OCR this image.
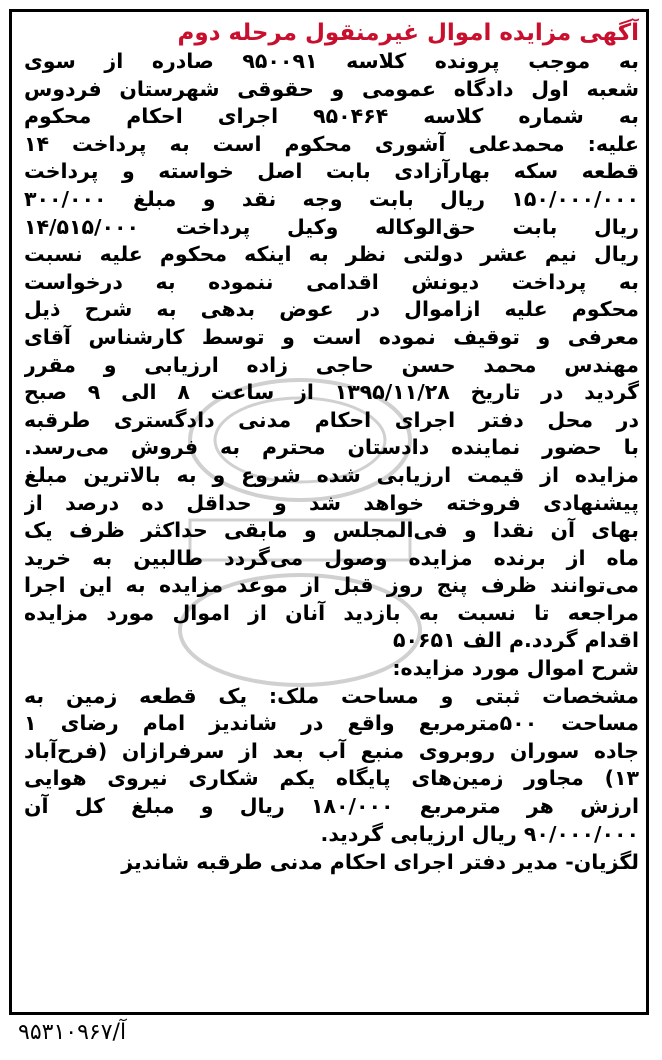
آگهی مزایده اموال غیرمنقول مرحله دوم

به موجب پرونده کلاسه ۹۵۰۰۹۱ صادره از سوی
شعبه اول دادگاه عمومی و حقوقی شهرستان فردوس
به شماره کلاسه ۹۵۰۴۶۴ اجرای احکام محکوم
علیه: محمدعلی آشوری محکوم است به پرداخت ۱۴
قطعه سکه بهارآزادی بابت اصل خواسته و پرداخت
۱۵۰/۰۰۰/۰۰۰ ریال بابت وجه نقد و مبلغ ۳۰۰/۰۰۰
ریال بابت حق‌الوکاله وکیل پرداخت ۱۴/۵۱۵/۰۰۰
ریال نیم عشر دولتی نظر به اینکه محکوم علیه نسبت
به پرداخت دیونش اقدامی ننموده به درخواست
محکوم علیه ازاموال در عوض بدهی به شرح ذیل
معرفی و توقیف نموده است و توسط کارشناس آقای
مهندس محمد حسن حاجی زاده ارزیابی و مقرر
گردید در تاریخ ۱۳۹۵/۱۱/۲۸ از ساعت ۸ الی ۹ صبح
در محل دفتر اجرای احکام مدنی دادگستری طرقبه
با حضور نماینده دادستان محترم به فروش می‌رسد.
مزایده از قیمت ارزیابی شده شروع و به بالاترین مبلغ
پیشنهادی فروخته خواهد شد و حداقل ده درصد از
بهای آن نقدا و فی‌المجلس و مابقی حداکثر ظرف یک
ماه از برنده مزایده وصول می‌گردد طالبین به خرید
می‌توانند ظرف پنج روز قبل از موعد مزایده به این اجرا
مراجعه تا نسبت به بازدید آنان از اموال مورد مزایده
اقدام گردد.م الف ۵۰۶۵۱

شرح اموال مورد مزایده:

مشخصات ثبتی و مساحت ملک: یک قطعه زمین به
مساحت ۵۰۰مترمربع واقع در شاندیز امام رضای ۱
جاده سوران روبروی منبع آب بعد از سرفرازان (فرح‌آباد
۱۳) مجاور زمین‌های پایگاه یکم شکاری نیروی هوایی
ارزش هر مترمربع ۱۸۰/۰۰۰ ریال و مبلغ کل آن
۹۰/۰۰۰/۰۰۰ ریال ارزیابی گردید.

لگزیان- مدیر دفتر اجرای احکام مدنی طرقبه شاندیز

آ/۹۵۳۱۰۹۶۷
